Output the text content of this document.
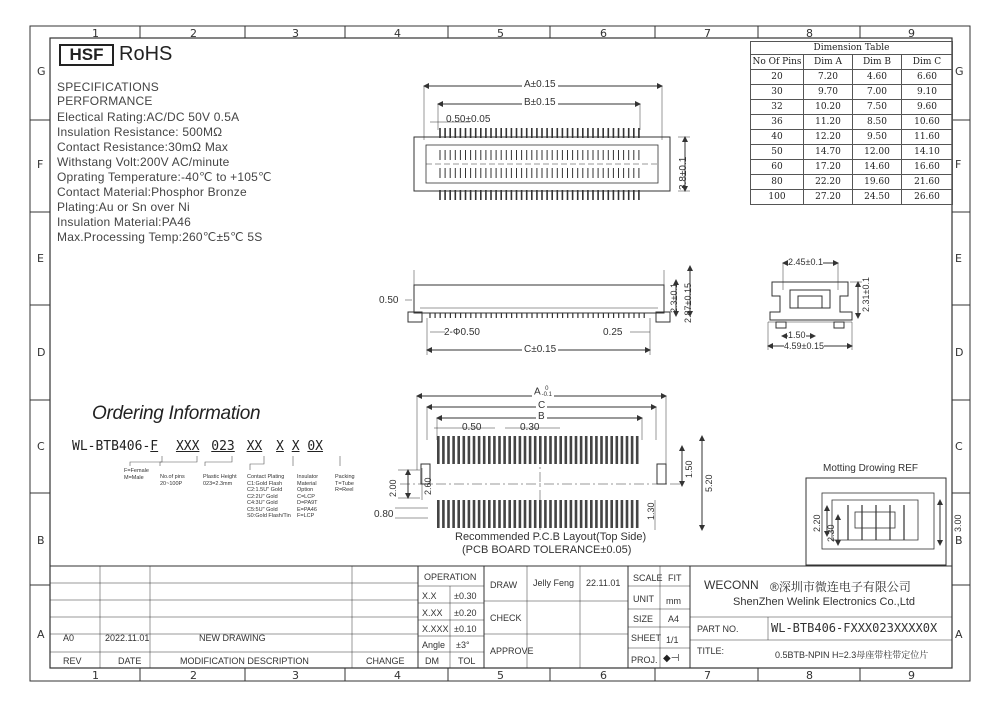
1	2	3	4	5	6	7	8	9
1	2	3	4	5	6	7	8	9
G
F
E
D
C
B
A
G
F
E
D
C
B
A
HSF RoHS
SPECIFICATIONS
PERFORMANCE
Electical Rating:AC/DC 50V 0.5A
Insulation Resistance: 500MΩ
Contact Resistance:30mΩ Max
Withstang Volt:200V AC/minute
Oprating Temperature:-40℃ to +105℃
Contact Material:Phosphor Bronze
Plating:Au or Sn over Ni
Insulation Material:PA46
Max.Processing Temp:260℃±5℃ 5S
Dimension Table			
No Of Pins	Dim A	Dim B	Dim C
20	7.20	4.60	6.60
30	9.70	7.00	9.10
32	10.20	7.50	9.60
36	11.20	8.50	10.60
40	12.20	9.50	11.60
50	14.70	12.00	14.10
60	17.20	14.60	16.60
80	22.20	19.60	21.60
100	27.20	24.50	26.60
A±0.15
B±0.15
0.50±0.05
3.8±0.1
0.50
C±0.15
2-Ф0.50	0.25
2.3±0.1 2.87±0.15
2.45±0.1
1.50
4.59±0.15
2.31±0.1
A 0
-0.1
C
B
0.50	0.30
2.00	2.60
0.80
1.50
5.20
1.30
Recommended P.C.B Layout(Top Side)
(PCB BOARD TOLERANCE±0.05)
Motting Drowing REF
2.20
2.30
3.00
Ordering Information
WL-BTB406-F XXX 023 XX X X 0X
F=Female
M=Male	No.of pins
20~100P
Plastic Height
023=2.3mm
Contact Plating
C1:Gold Flash
C2:1.5U" Gold
C2:2U" Gold
C4:3U" Gold
C5:5U" Gold
S0:Gold Flash/Tin
Insulator
Material
Option
C=LCP
D=PA9T
E=PA46
F=LCP
Packing
T=Tube
R=Reel
A0	2022.11.01	NEW DRAWING
REV	DATE	MODIFICATION DESCRIPTION	CHANGE
OPERATION
X.X ±0.30
X.XX ±0.20
X.XXX ±0.10
Angle ±3°
DM TOL
DRAW
CHECK
APPROVE
Jelly Feng 22.11.01 SCALE FIT
UNIT mm
SIZE A4
SHEET 1/1
PROJ. ◆⊣
WECONN ®深圳市微连电子有限公司
ShenZhen Welink Electronics Co.,Ltd
PART NO.	WL-BTB406-FXXX023XXXX0X
TITLE:	0.5BTB-NPIN H=2.3母座带柱带定位片
